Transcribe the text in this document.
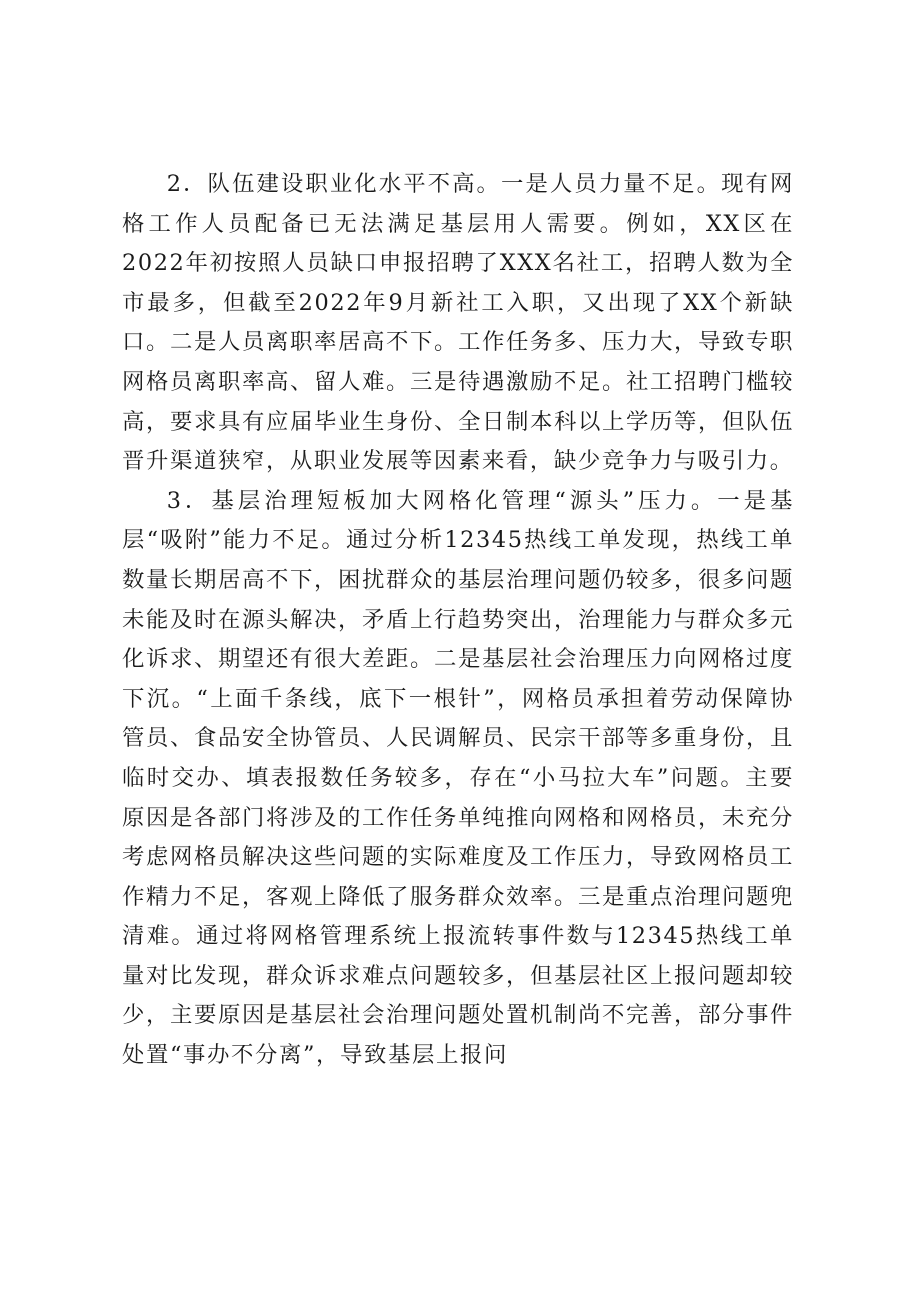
2．队伍建设职业化水平不高。一是人员力量不足。现有网格工作人员配备已无法满足基层用人需要。例如，XX区在2022年初按照人员缺口申报招聘了XXX名社工，招聘人数为全市最多，但截至2022年9月新社工入职，又出现了XX个新缺口。二是人员离职率居高不下。工作任务多、压力大，导致专职网格员离职率高、留人难。三是待遇激励不足。社工招聘门槛较高，要求具有应届毕业生身份、全日制本科以上学历等，但队伍晋升渠道狭窄，从职业发展等因素来看，缺少竞争力与吸引力。

3．基层治理短板加大网格化管理“源头”压力。一是基层“吸附”能力不足。通过分析12345热线工单发现，热线工单数量长期居高不下，困扰群众的基层治理问题仍较多，很多问题未能及时在源头解决，矛盾上行趋势突出，治理能力与群众多元化诉求、期望还有很大差距。二是基层社会治理压力向网格过度下沉。“上面千条线，底下一根针”，网格员承担着劳动保障协管员、食品安全协管员、人民调解员、民宗干部等多重身份，且临时交办、填表报数任务较多，存在“小马拉大车”问题。主要原因是各部门将涉及的工作任务单纯推向网格和网格员，未充分考虑网格员解决这些问题的实际难度及工作压力，导致网格员工作精力不足，客观上降低了服务群众效率。三是重点治理问题兜清难。通过将网格管理系统上报流转事件数与12345热线工单量对比发现，群众诉求难点问题较多，但基层社区上报问题却较少，主要原因是基层社会治理问题处置机制尚不完善，部分事件处置“事办不分离”，导致基层上报问
